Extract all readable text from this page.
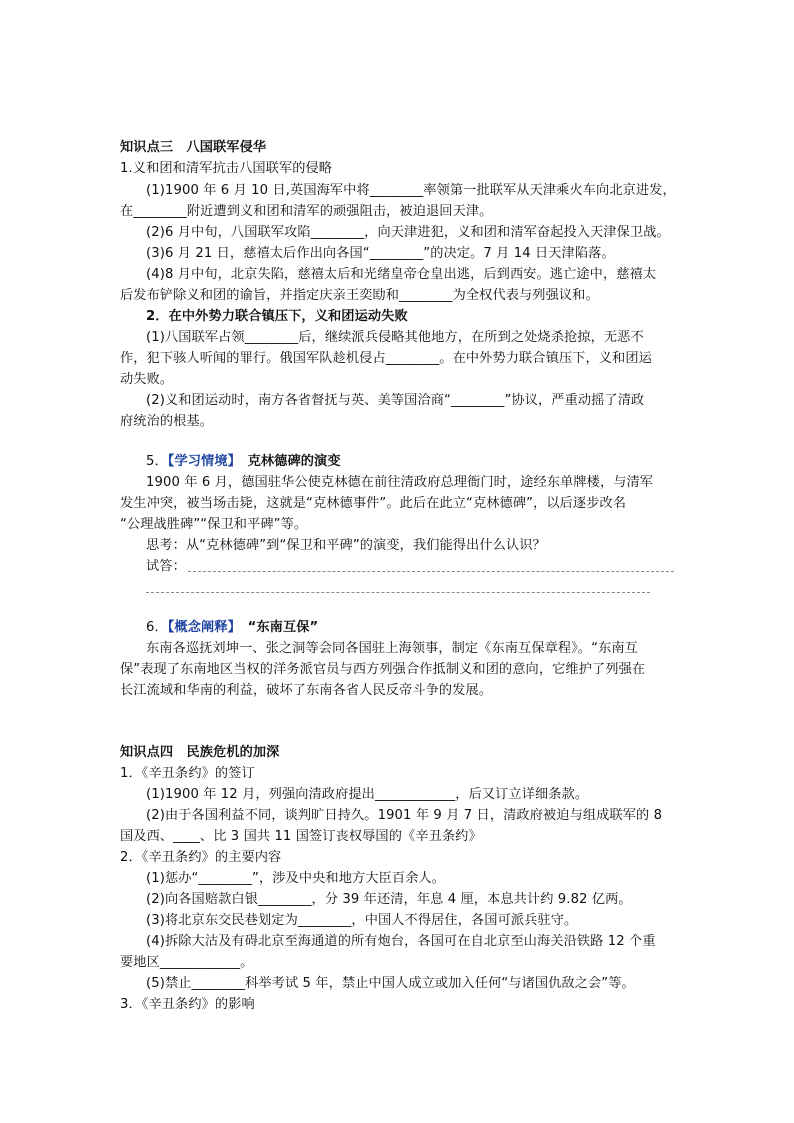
知识点三　八国联军侵华
1.义和团和清军抗击八国联军的侵略
(1)1900 年 6 月 10 日,英国海军中将________率领第一批联军从天津乘火车向北京进发，
在________附近遭到义和团和清军的顽强阻击，被迫退回天津。
(2)6 月中旬，八国联军攻陷________，向天津进犯，义和团和清军奋起投入天津保卫战。
(3)6 月 21 日，慈禧太后作出向各国“________”的决定。7 月 14 日天津陷落。
(4)8 月中旬，北京失陷，慈禧太后和光绪皇帝仓皇出逃，后到西安。逃亡途中，慈禧太
后发布铲除义和团的谕旨，并指定庆亲王奕劻和________为全权代表与列强议和。
2．在中外势力联合镇压下，义和团运动失败
(1)八国联军占领________后，继续派兵侵略其他地方，在所到之处烧杀抢掠，无恶不
作，犯下骇人听闻的罪行。俄国军队趁机侵占________。在中外势力联合镇压下，义和团运
动失败。
(2)义和团运动时，南方各省督抚与英、美等国洽商“________”协议，严重动摇了清政
府统治的根基。
5．【学习情境】　克林德碑的演变
1900 年 6 月，德国驻华公使克林德在前往清政府总理衙门时，途经东单牌楼，与清军
发生冲突，被当场击毙，这就是“克林德事件”。此后在此立“克林德碑”，以后逐步改名
“公理战胜碑”“保卫和平碑”等。
思考：从“克林德碑”到“保卫和平碑”的演变，我们能得出什么认识？
试答：
6．【概念阐释】　“东南互保”
东南各巡抚刘坤一、张之洞等会同各国驻上海领事，制定《东南互保章程》。“东南互
保”表现了东南地区当权的洋务派官员与西方列强合作抵制义和团的意向，它维护了列强在
长江流域和华南的利益，破坏了东南各省人民反帝斗争的发展。
知识点四　民族危机的加深
1．《辛丑条约》的签订
(1)1900 年 12 月，列强向清政府提出____________，后又订立详细条款。
(2)由于各国利益不同，谈判旷日持久。1901 年 9 月 7 日，清政府被迫与组成联军的 8
国及西、____、比 3 国共 11 国签订丧权辱国的《辛丑条约》
2．《辛丑条约》的主要内容
(1)惩办“________”，涉及中央和地方大臣百余人。
(2)向各国赔款白银________，分 39 年还清，年息 4 厘，本息共计约 9.82 亿两。
(3)将北京东交民巷划定为________，中国人不得居住，各国可派兵驻守。
(4)拆除大沽及有碍北京至海通道的所有炮台，各国可在自北京至山海关沿铁路 12 个重
要地区____________。
(5)禁止________科举考试 5 年，禁止中国人成立或加入任何“与诸国仇敌之会”等。
3．《辛丑条约》的影响
